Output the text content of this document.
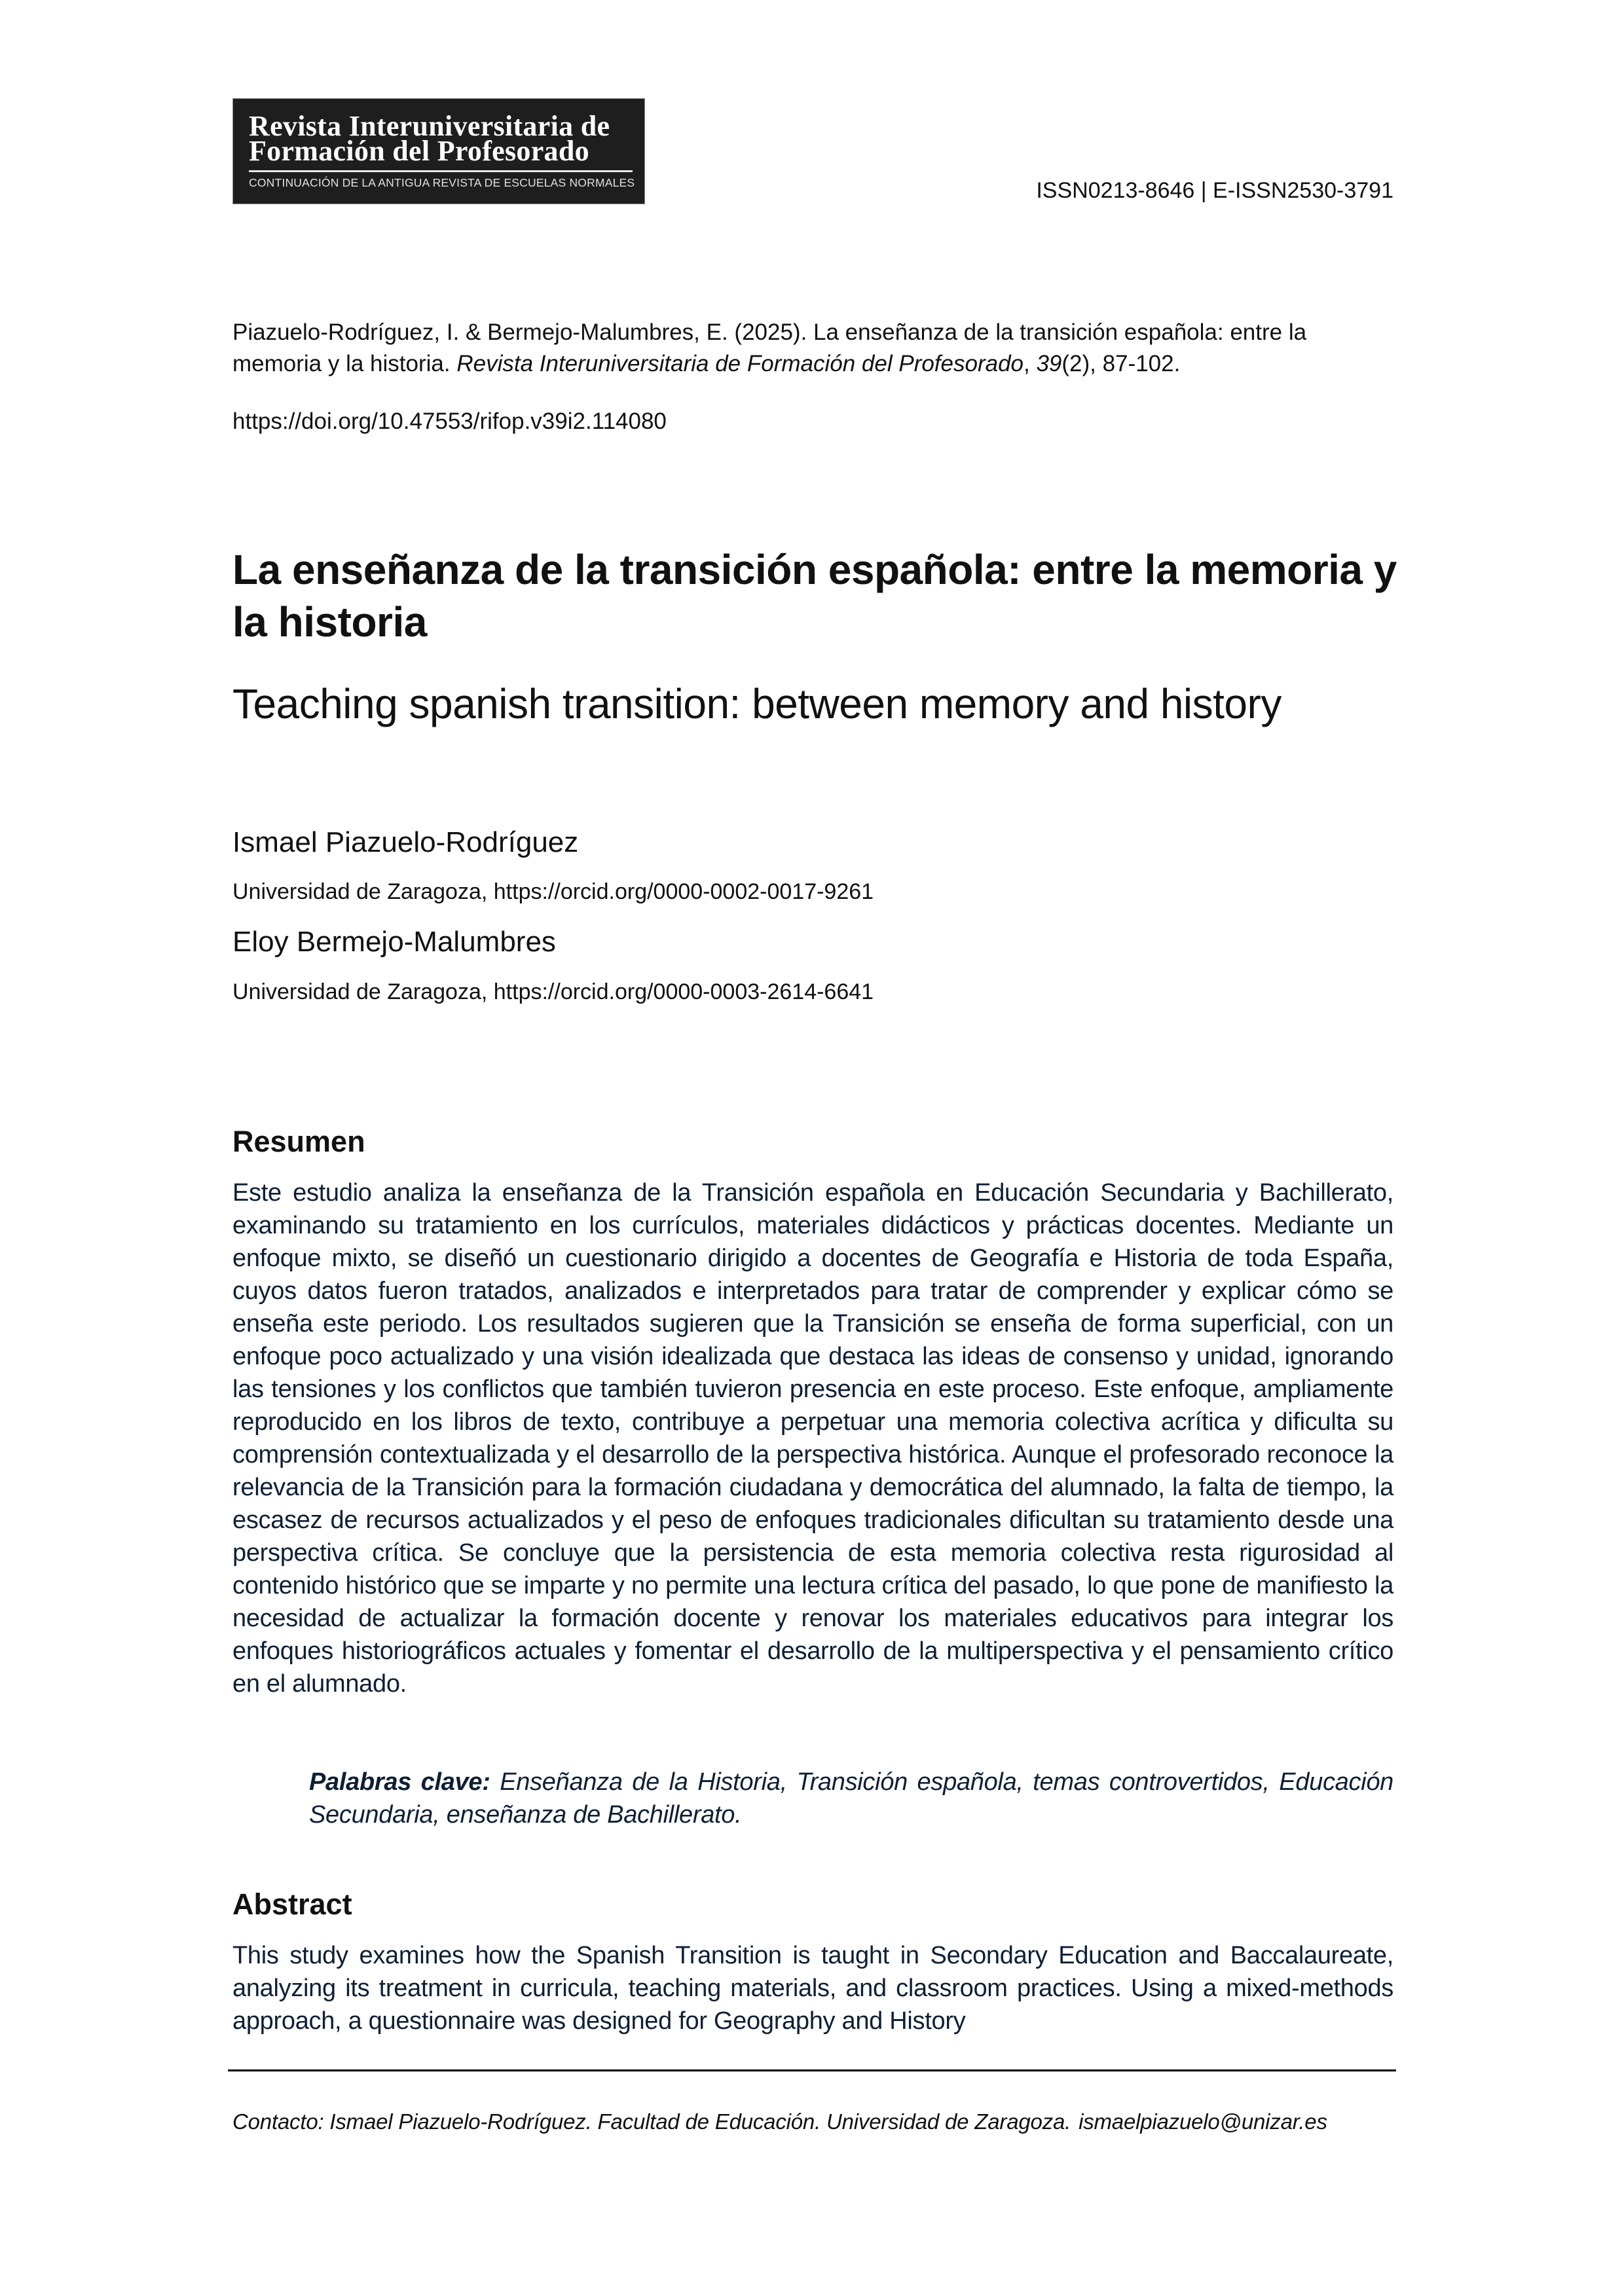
Revista Interuniversitaria de
Formación del Profesorado
CONTINUACIÓN DE LA ANTIGUA REVISTA DE ESCUELAS NORMALES	ISSN0213-8646 | E-ISSN2530-3791
Piazuelo-Rodríguez, I. & Bermejo-Malumbres, E. (2025). La enseñanza de la transición española: entre la memoria y la historia. Revista Interuniversitaria de Formación del Profesorado, 39(2), 87-102.
https://doi.org/10.47553/rifop.v39i2.114080
La enseñanza de la transición española: entre la memoria y la historia
Teaching spanish transition: between memory and history
Ismael Piazuelo-Rodríguez
Universidad de Zaragoza, https://orcid.org/0000-0002-0017-9261
Eloy Bermejo-Malumbres
Universidad de Zaragoza, https://orcid.org/0000-0003-2614-6641
Resumen
Este estudio analiza la enseñanza de la Transición española en Educación Secundaria y Bachillerato, examinando su tratamiento en los currículos, materiales didácticos y prácticas docentes. Mediante un enfoque mixto, se diseñó un cuestionario dirigido a docentes de Geografía e Historia de toda España, cuyos datos fueron tratados, analizados e interpretados para tratar de comprender y explicar cómo se enseña este periodo. Los resultados sugieren que la Transición se enseña de forma superficial, con un enfoque poco actualizado y una visión idealizada que destaca las ideas de consenso y unidad, ignorando las tensiones y los conflictos que también tuvieron presencia en este proceso. Este enfoque, ampliamente reproducido en los libros de texto, contribuye a perpetuar una memoria colectiva acrítica y dificulta su comprensión contextualizada y el desarrollo de la perspectiva histórica. Aunque el profesorado reconoce la relevancia de la Transición para la formación ciudadana y democrática del alumnado, la falta de tiempo, la escasez de recursos actualizados y el peso de enfoques tradicionales dificultan su tratamiento desde una perspectiva crítica. Se concluye que la persistencia de esta memoria colectiva resta rigurosidad al contenido histórico que se imparte y no permite una lectura crítica del pasado, lo que pone de manifiesto la necesidad de actualizar la formación docente y renovar los materiales educativos para integrar los enfoques historiográficos actuales y fomentar el desarrollo de la multiperspectiva y el pensamiento crítico en el alumnado.
Palabras clave: Enseñanza de la Historia, Transición española, temas controvertidos, Educación Secundaria, enseñanza de Bachillerato.
Abstract
This study examines how the Spanish Transition is taught in Secondary Education and Baccalaureate, analyzing its treatment in curricula, teaching materials, and classroom practices. Using a mixed-methods approach, a questionnaire was designed for Geography and History
Contacto: Ismael Piazuelo-Rodríguez. Facultad de Educación. Universidad de Zaragoza. ismaelpiazuelo@unizar.es
